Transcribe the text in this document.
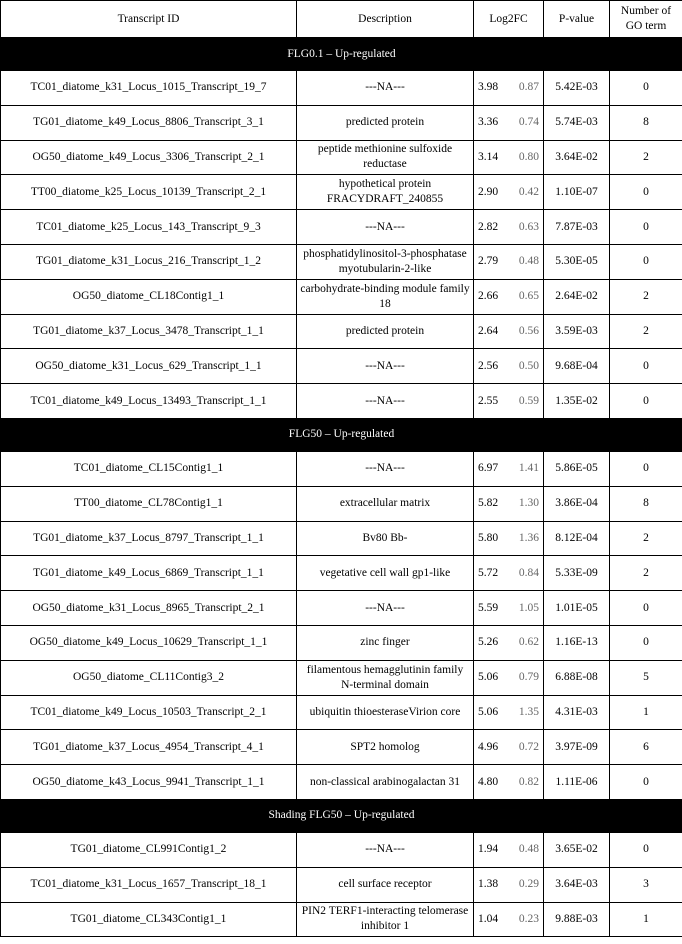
Transcript ID	Description	Log2FC	P-value	Number of GO term
FLG0.1 – Up-regulated				
TC01_diatome_k31_Locus_1015_Transcript_19_7	---NA---	3.98 0.87	5.42E-03	0
TG01_diatome_k49_Locus_8806_Transcript_3_1	predicted protein	3.36 0.74	5.74E-03	8
OG50_diatome_k49_Locus_3306_Transcript_2_1	peptide methionine sulfoxide reductase	3.14 0.80	3.64E-02	2
TT00_diatome_k25_Locus_10139_Transcript_2_1	hypothetical protein FRACYDRAFT_240855	2.90 0.42	1.10E-07	0
TC01_diatome_k25_Locus_143_Transcript_9_3	---NA---	2.82 0.63	7.87E-03	0
TG01_diatome_k31_Locus_216_Transcript_1_2	phosphatidylinositol-3-phosphatase myotubularin-2-like	2.79 0.48	5.30E-05	0
OG50_diatome_CL18Contig1_1	carbohydrate-binding module family 18	2.66 0.65	2.64E-02	2
TG01_diatome_k37_Locus_3478_Transcript_1_1	predicted protein	2.64 0.56	3.59E-03	2
OG50_diatome_k31_Locus_629_Transcript_1_1	---NA---	2.56 0.50	9.68E-04	0
TC01_diatome_k49_Locus_13493_Transcript_1_1	---NA---	2.55 0.59	1.35E-02	0
FLG50 – Up-regulated				
TC01_diatome_CL15Contig1_1	---NA---	6.97 1.41	5.86E-05	0
TT00_diatome_CL78Contig1_1	extracellular matrix	5.82 1.30	3.86E-04	8
TG01_diatome_k37_Locus_8797_Transcript_1_1	Bv80 Bb-	5.80 1.36	8.12E-04	2
TG01_diatome_k49_Locus_6869_Transcript_1_1	vegetative cell wall gp1-like	5.72 0.84	5.33E-09	2
OG50_diatome_k31_Locus_8965_Transcript_2_1	---NA---	5.59 1.05	1.01E-05	0
OG50_diatome_k49_Locus_10629_Transcript_1_1	zinc finger	5.26 0.62	1.16E-13	0
OG50_diatome_CL11Contig3_2	filamentous hemagglutinin family N-terminal domain	5.06 0.79	6.88E-08	5
TC01_diatome_k49_Locus_10503_Transcript_2_1	ubiquitin thioesteraseVirion core	5.06 1.35	4.31E-03	1
TG01_diatome_k37_Locus_4954_Transcript_4_1	SPT2 homolog	4.96 0.72	3.97E-09	6
OG50_diatome_k43_Locus_9941_Transcript_1_1	non-classical arabinogalactan 31	4.80 0.82	1.11E-06	0
Shading FLG50 – Up-regulated				
TG01_diatome_CL991Contig1_2	---NA---	1.94 0.48	3.65E-02	0
TC01_diatome_k31_Locus_1657_Transcript_18_1	cell surface receptor	1.38 0.29	3.64E-03	3
TG01_diatome_CL343Contig1_1	PIN2 TERF1-interacting telomerase inhibitor 1	1.04 0.23	9.88E-03	1
